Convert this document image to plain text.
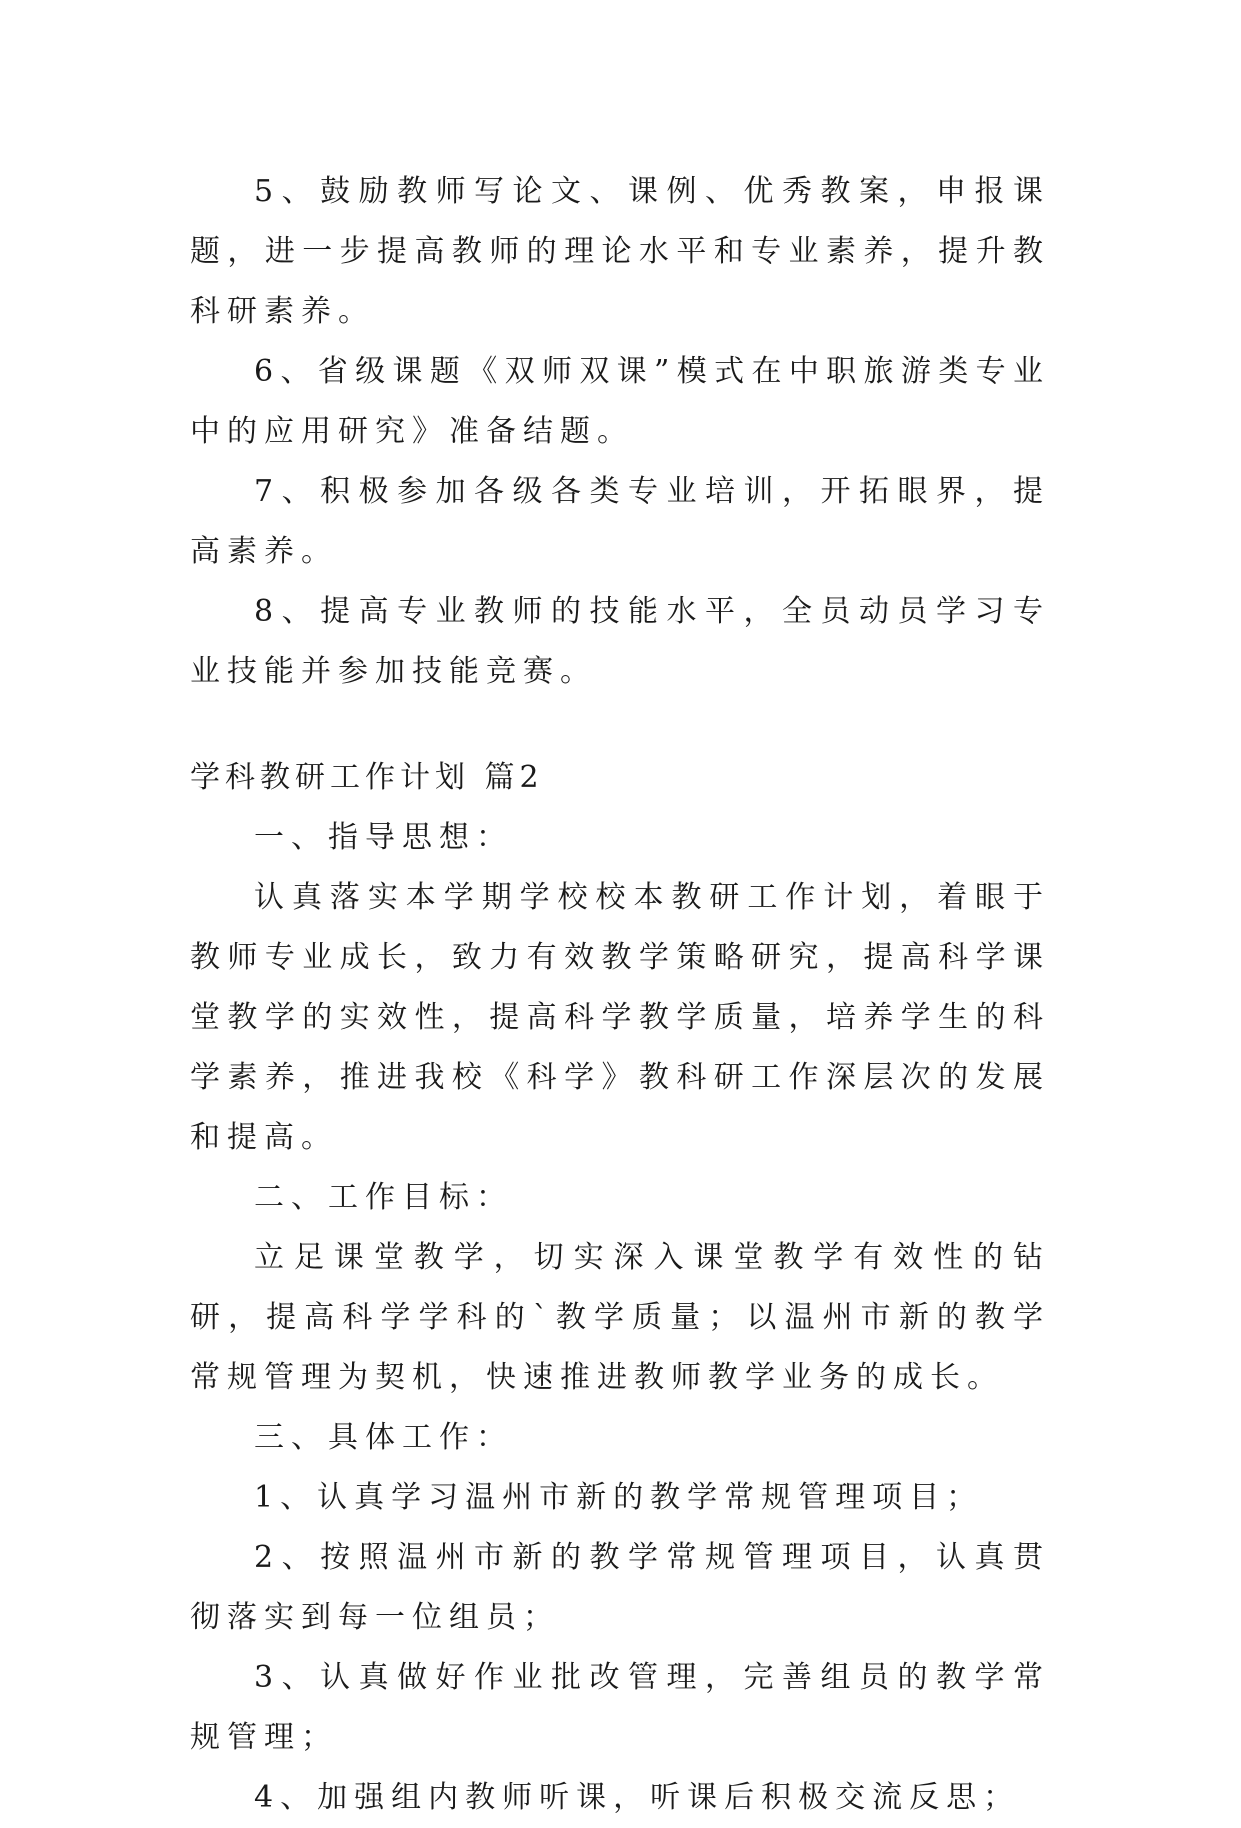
5、鼓励教师写论文、课例、优秀教案，申报课题，进一步提高教师的理论水平和专业素养，提升教科研素养。

6、省级课题《双师双课”模式在中职旅游类专业中的应用研究》准备结题。

7、积极参加各级各类专业培训，开拓眼界，提高素养。

8、提高专业教师的技能水平，全员动员学习专业技能并参加技能竞赛。

学科教研工作计划 篇2

一、指导思想：

认真落实本学期学校校本教研工作计划，着眼于教师专业成长，致力有效教学策略研究，提高科学课堂教学的实效性，提高科学教学质量，培养学生的科学素养，推进我校《科学》教科研工作深层次的发展和提高。

二、工作目标：

立足课堂教学，切实深入课堂教学有效性的钻研，提高科学学科的`教学质量；以温州市新的教学常规管理为契机，快速推进教师教学业务的成长。

三、具体工作：

1、认真学习温州市新的教学常规管理项目；

2、按照温州市新的教学常规管理项目，认真贯彻落实到每一位组员；

3、认真做好作业批改管理，完善组员的教学常规管理；

4、加强组内教师听课，听课后积极交流反思；
